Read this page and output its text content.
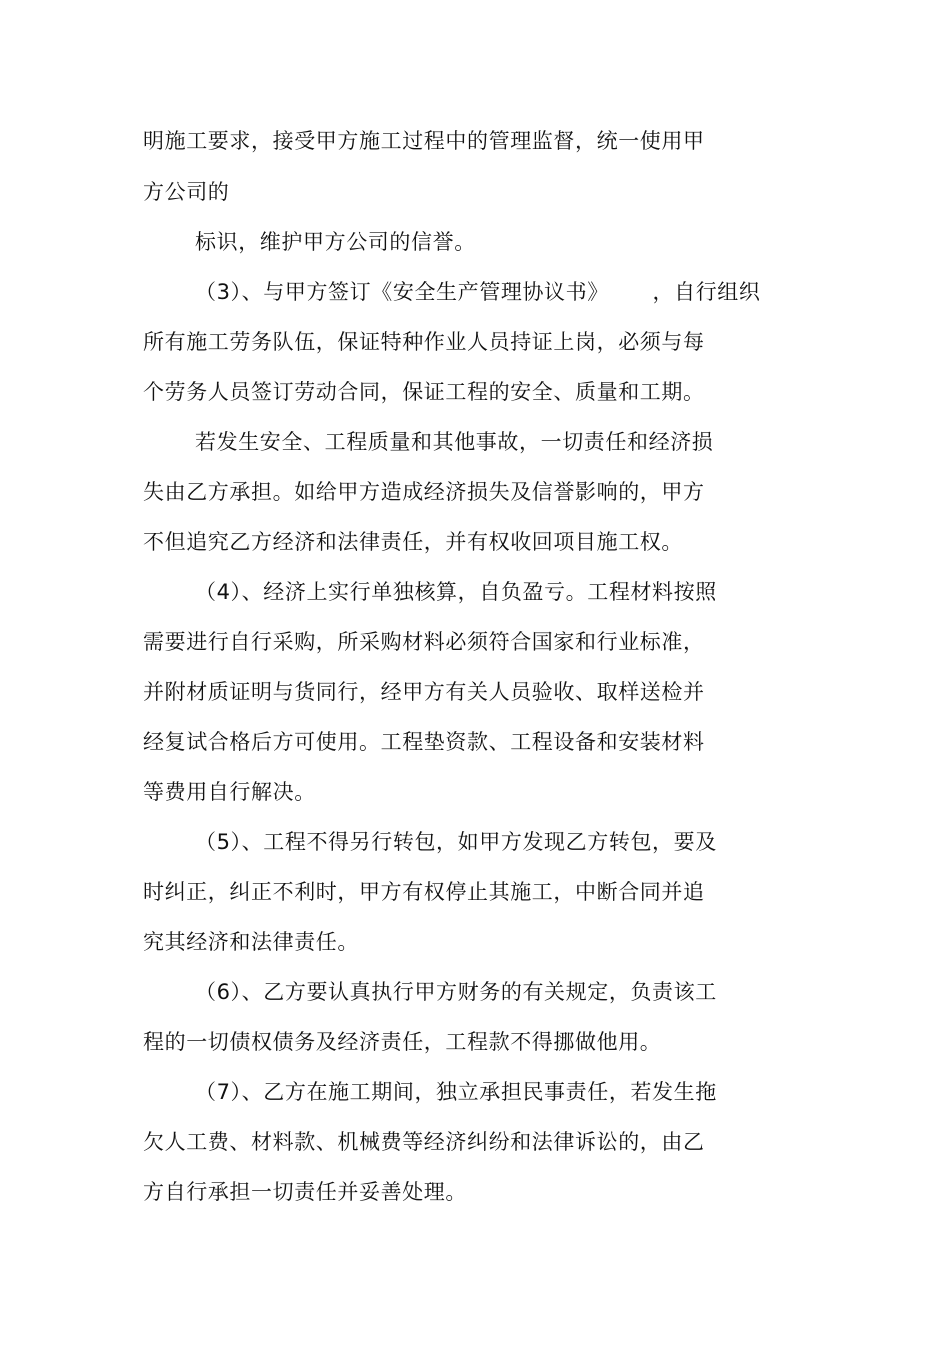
明施工要求，接受甲方施工过程中的管理监督，统一使用甲
方公司的
标识，维护甲方公司的信誉。
（3）、与甲方签订《安全生产管理协议书》      ，自行组织
所有施工劳务队伍，保证特种作业人员持证上岗，必须与每
个劳务人员签订劳动合同，保证工程的安全、质量和工期。
若发生安全、工程质量和其他事故，一切责任和经济损
失由乙方承担。如给甲方造成经济损失及信誉影响的，甲方
不但追究乙方经济和法律责任，并有权收回项目施工权。
（4）、经济上实行单独核算，自负盈亏。工程材料按照
需要进行自行采购，所采购材料必须符合国家和行业标准，
并附材质证明与货同行，经甲方有关人员验收、取样送检并
经复试合格后方可使用。工程垫资款、工程设备和安装材料
等费用自行解决。
（5）、工程不得另行转包，如甲方发现乙方转包，要及
时纠正，纠正不利时，甲方有权停止其施工，中断合同并追
究其经济和法律责任。
（6）、乙方要认真执行甲方财务的有关规定，负责该工
程的一切债权债务及经济责任，工程款不得挪做他用。
（7）、乙方在施工期间，独立承担民事责任，若发生拖
欠人工费、材料款、机械费等经济纠纷和法律诉讼的，由乙
方自行承担一切责任并妥善处理。
